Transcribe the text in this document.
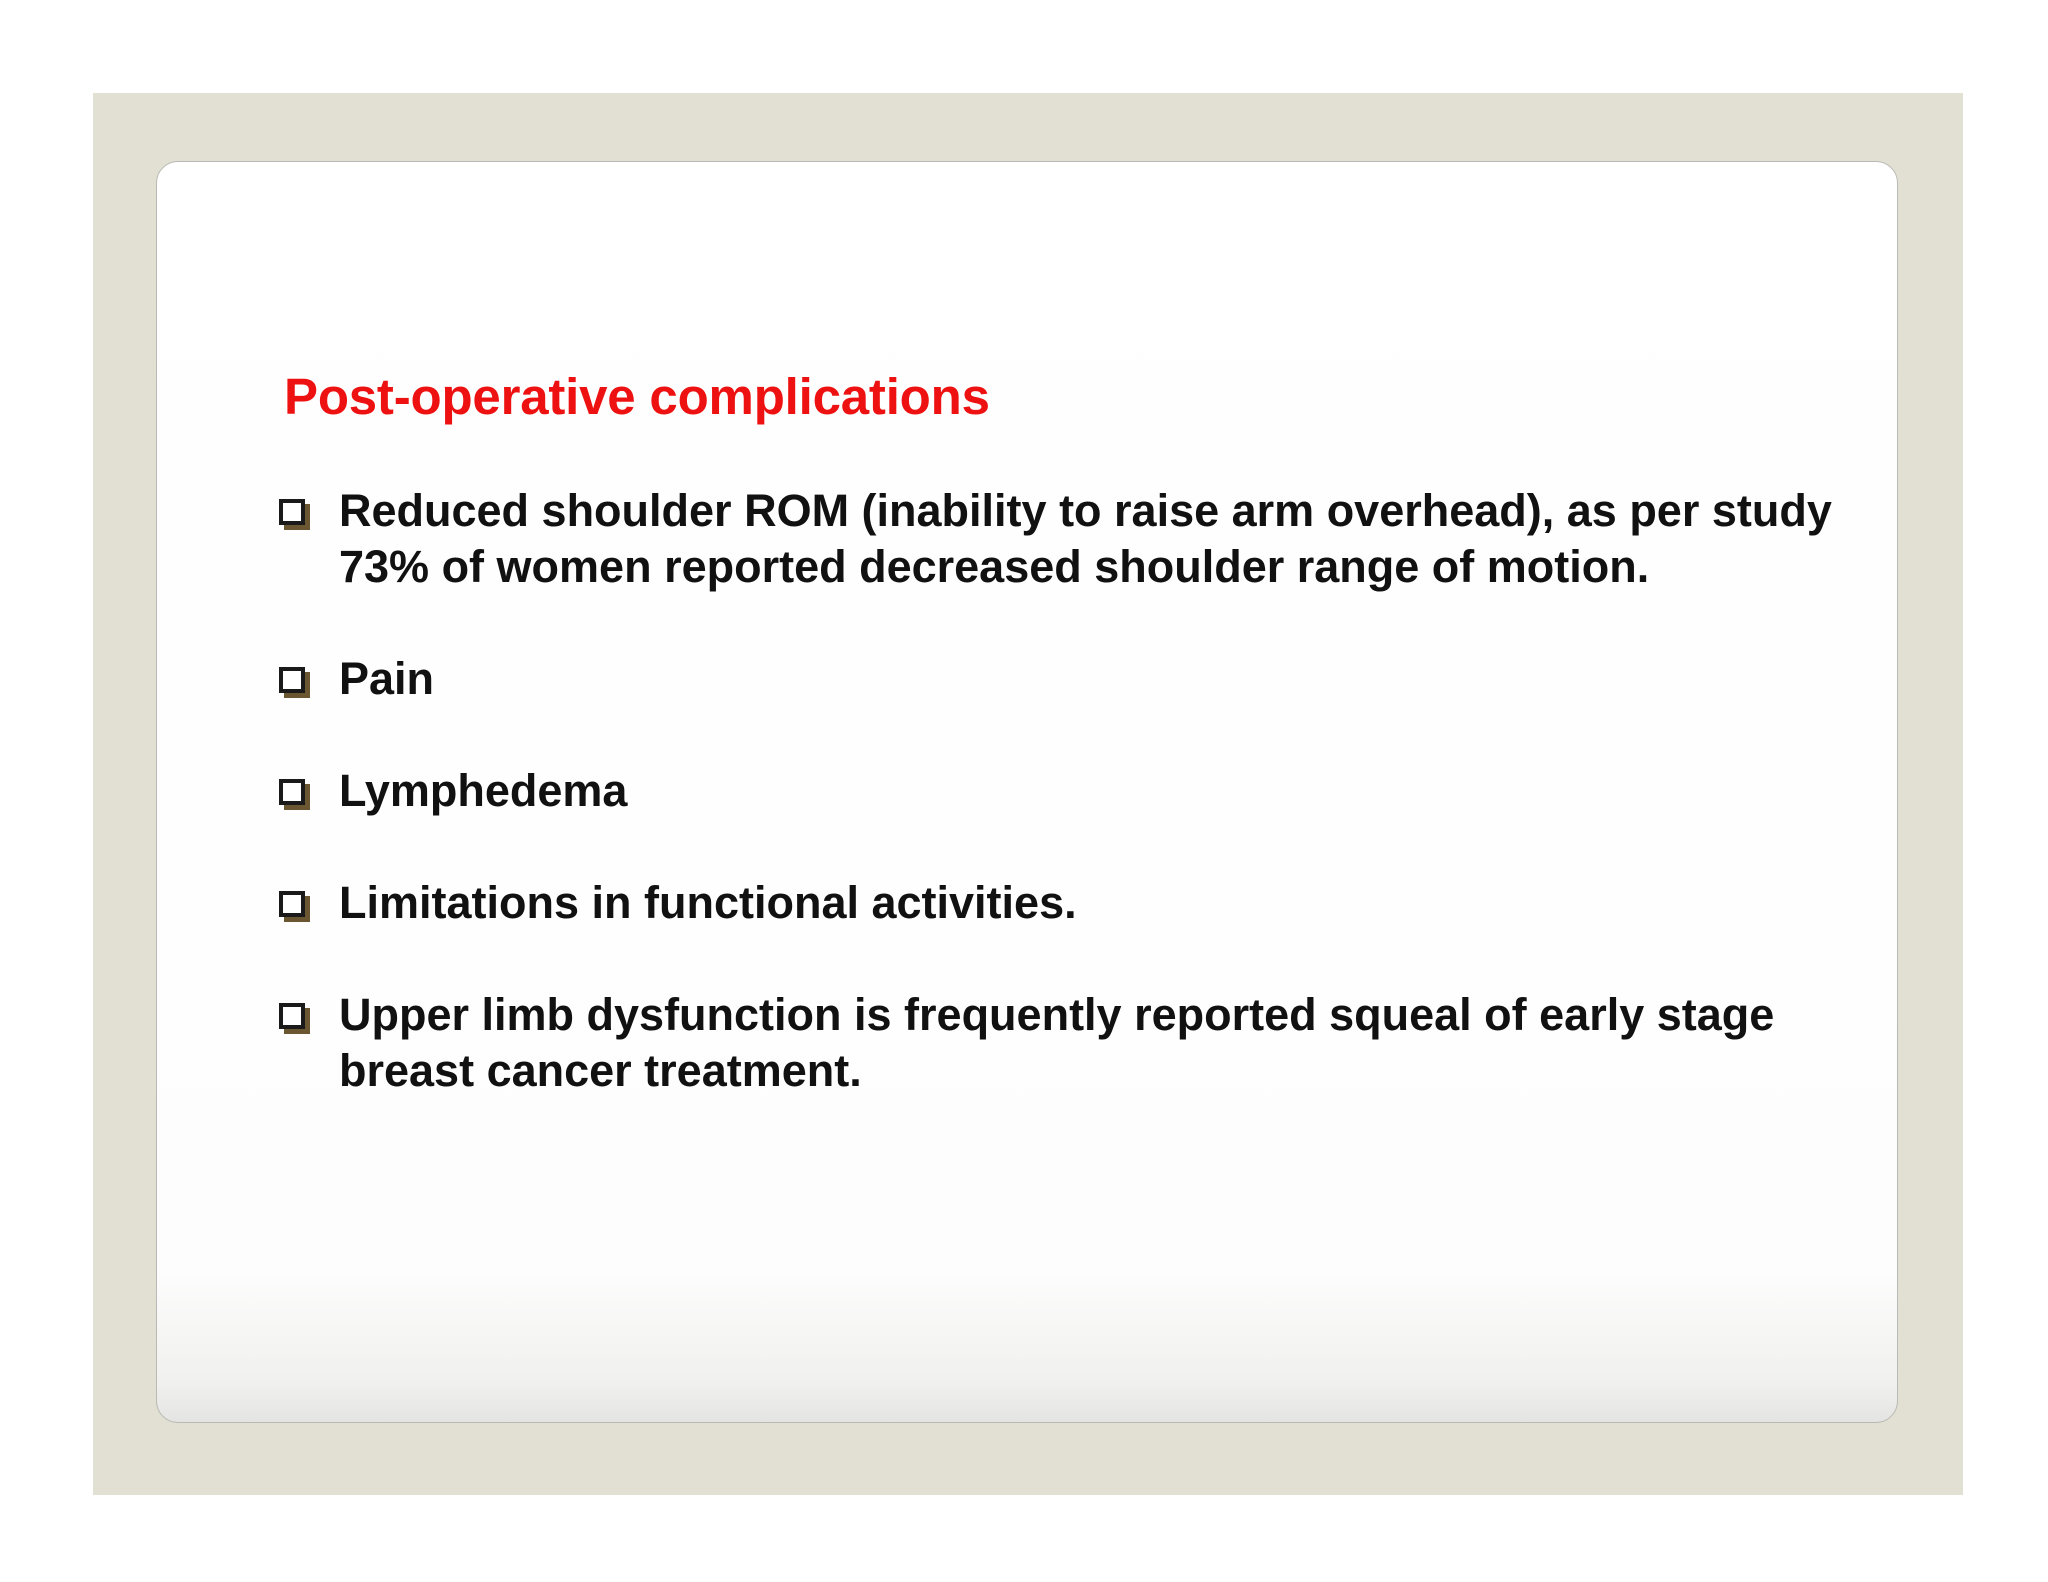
Post-operative complications
Reduced shoulder ROM (inability to raise arm overhead), as per study 73% of women reported decreased shoulder range of motion.
Pain
Lymphedema
Limitations in functional activities.
Upper limb dysfunction is frequently reported squeal of early stage breast cancer treatment.
